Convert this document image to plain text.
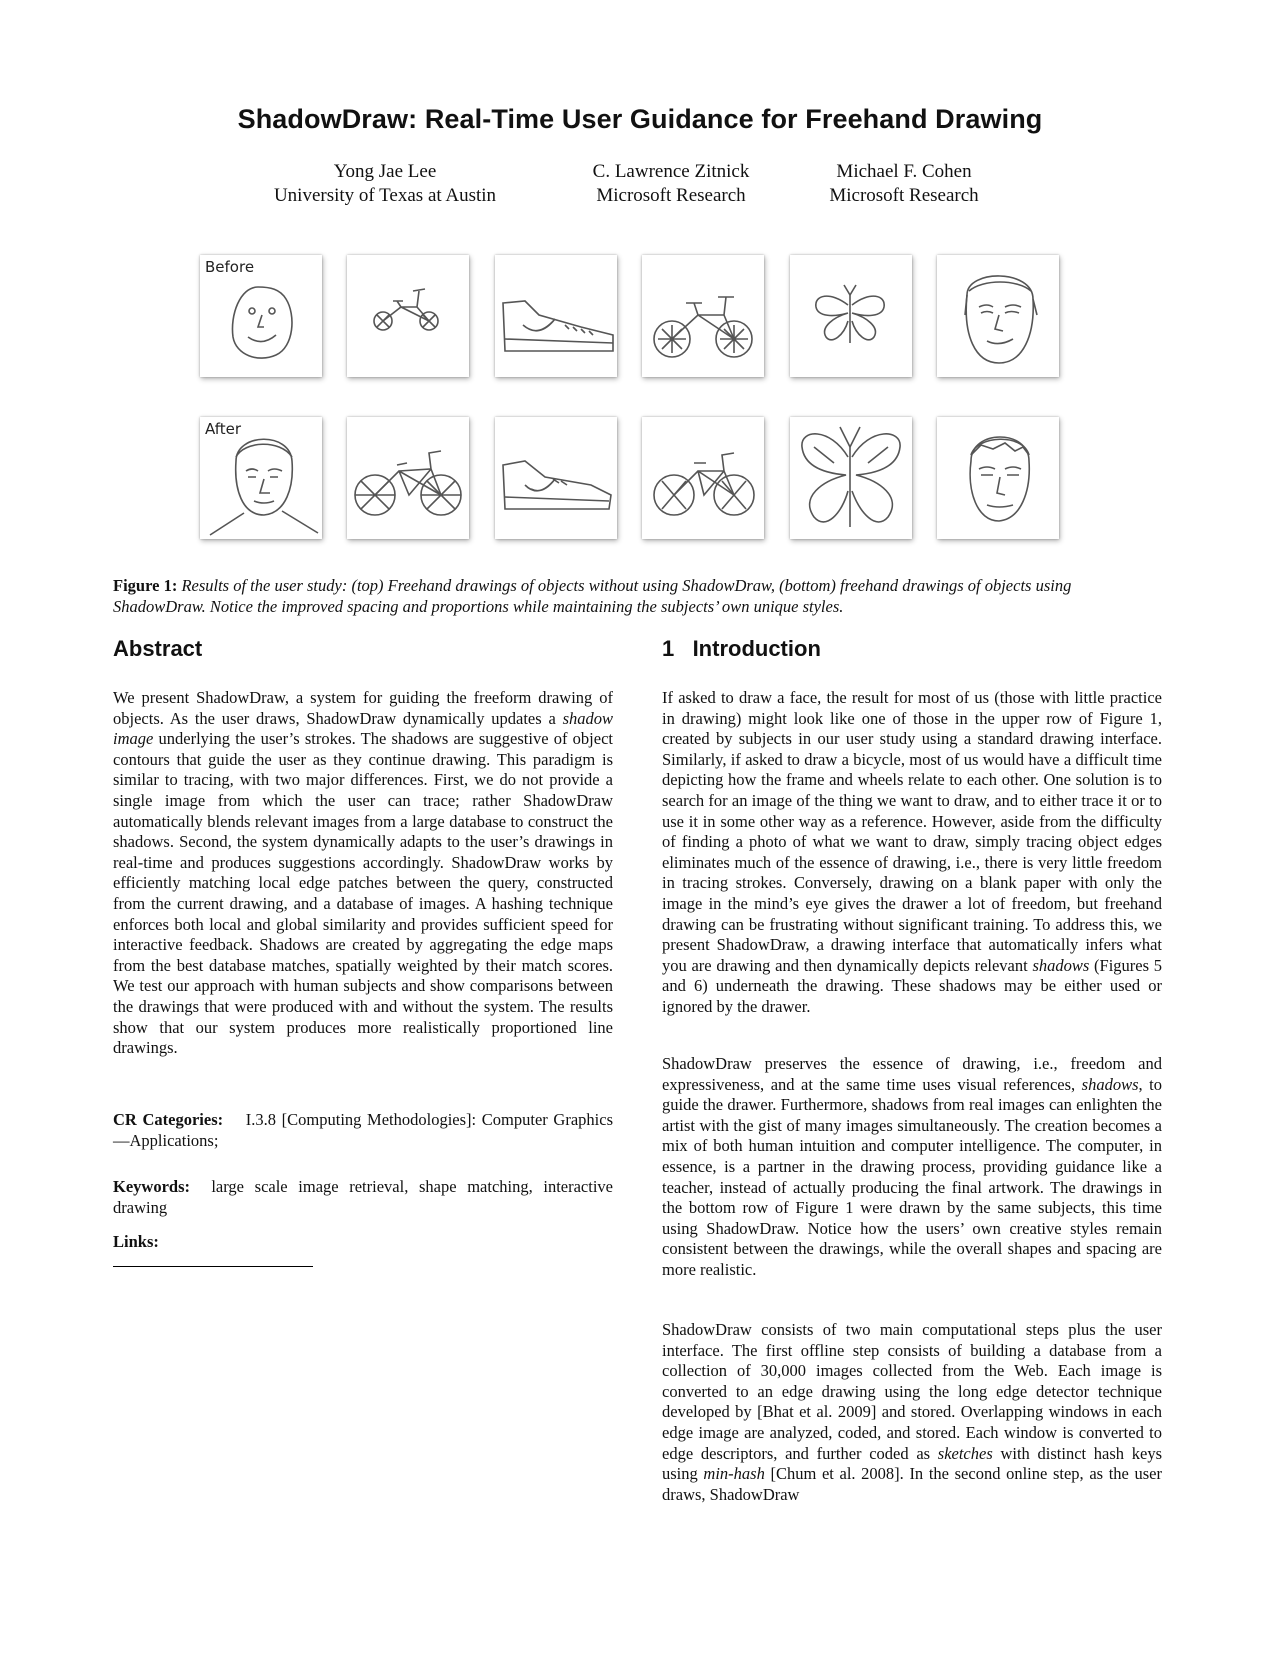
ShadowDraw: Real-Time User Guidance for Freehand Drawing
Yong Jae Lee
University of Texas at Austin
C. Lawrence Zitnick
Microsoft Research
Michael F. Cohen
Microsoft Research
Before
After

Figure 1: Results of the user study: (top) Freehand drawings of objects without using ShadowDraw, (bottom) freehand drawings of objects using ShadowDraw. Notice the improved spacing and proportions while maintaining the subjects’ own unique styles.

Abstract

We present ShadowDraw, a system for guiding the freeform drawing of objects. As the user draws, ShadowDraw dynamically updates a shadow image underlying the user’s strokes. The shadows are suggestive of object contours that guide the user as they continue drawing. This paradigm is similar to tracing, with two major differences. First, we do not provide a single image from which the user can trace; rather ShadowDraw automatically blends relevant images from a large database to construct the shadows. Second, the system dynamically adapts to the user’s drawings in real-time and produces suggestions accordingly. ShadowDraw works by efficiently matching local edge patches between the query, constructed from the current drawing, and a database of images. A hashing technique enforces both local and global similarity and provides sufficient speed for interactive feedback. Shadows are created by aggregating the edge maps from the best database matches, spatially weighted by their match scores. We test our approach with human subjects and show comparisons between the drawings that were produced with and without the system. The results show that our system produces more realistically proportioned line drawings.

CR Categories: I.3.8 [Computing Methodologies]: Computer Graphics—Applications;

Keywords: large scale image retrieval, shape matching, interactive drawing

Links:

1   Introduction

If asked to draw a face, the result for most of us (those with little practice in drawing) might look like one of those in the upper row of Figure 1, created by subjects in our user study using a standard drawing interface. Similarly, if asked to draw a bicycle, most of us would have a difficult time depicting how the frame and wheels relate to each other. One solution is to search for an image of the thing we want to draw, and to either trace it or to use it in some other way as a reference. However, aside from the difficulty of finding a photo of what we want to draw, simply tracing object edges eliminates much of the essence of drawing, i.e., there is very little freedom in tracing strokes. Conversely, drawing on a blank paper with only the image in the mind’s eye gives the drawer a lot of freedom, but freehand drawing can be frustrating without significant training. To address this, we present ShadowDraw, a drawing interface that automatically infers what you are drawing and then dynamically depicts relevant shadows (Figures 5 and 6) underneath the drawing. These shadows may be either used or ignored by the drawer.

ShadowDraw preserves the essence of drawing, i.e., freedom and expressiveness, and at the same time uses visual references, shadows, to guide the drawer. Furthermore, shadows from real images can enlighten the artist with the gist of many images simultaneously. The creation becomes a mix of both human intuition and computer intelligence. The computer, in essence, is a partner in the drawing process, providing guidance like a teacher, instead of actually producing the final artwork. The drawings in the bottom row of Figure 1 were drawn by the same subjects, this time using ShadowDraw. Notice how the users’ own creative styles remain consistent between the drawings, while the overall shapes and spacing are more realistic.

ShadowDraw consists of two main computational steps plus the user interface. The first offline step consists of building a database from a collection of 30,000 images collected from the Web. Each image is converted to an edge drawing using the long edge detector technique developed by [Bhat et al. 2009] and stored. Overlapping windows in each edge image are analyzed, coded, and stored. Each window is converted to edge descriptors, and further coded as sketches with distinct hash keys using min-hash [Chum et al. 2008]. In the second online step, as the user draws, ShadowDraw
